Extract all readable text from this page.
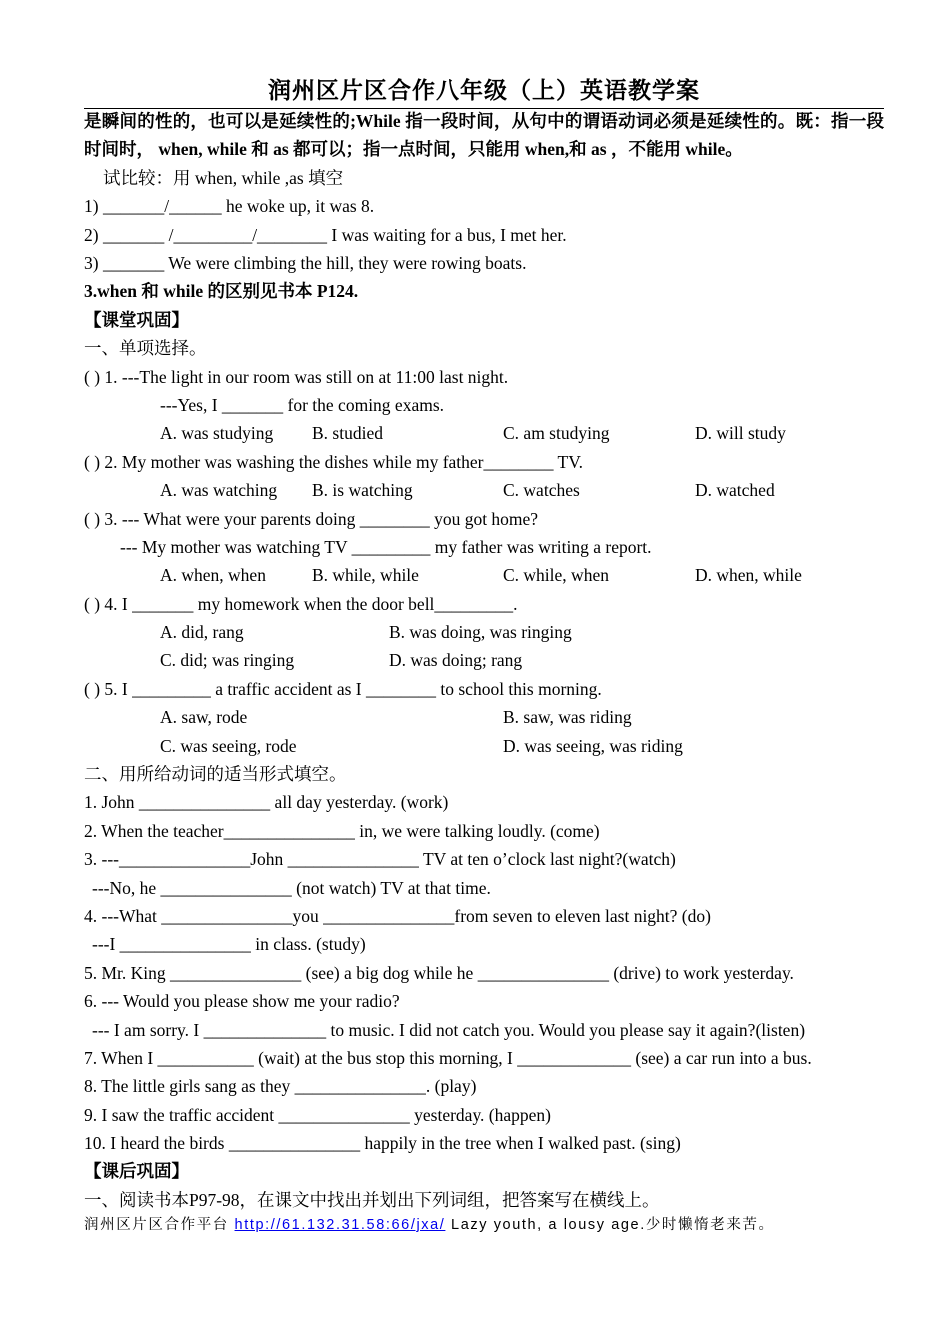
润州区片区合作八年级（上）英语教学案
是瞬间的性的，也可以是延续性的;While 指一段时间，从句中的谓语动词必须是延续性的。既：指一段时间时， when, while 和 as 都可以；指一点时间，只能用 when,和 as ，不能用 while。
试比较：用 when, while ,as 填空
1) _______/______ he woke up, it was 8.
2) _______ /_________/________ I was waiting for a bus, I met her.
3) _______ We were climbing the hill, they were rowing boats.
3.when 和 while 的区别见书本 P124.
【课堂巩固】
一、单项选择。
( ) 1. ---The light in our room was still on at 11:00 last night.
---Yes, I _______ for the coming exams.
A. was studying B. studied	C. am studying	D. will study
( ) 2. My mother was washing the dishes while my father________ TV.
A. was watching B. is watching	C. watches	D. watched
( ) 3. --- What were your parents doing ________ you got home?
--- My mother was watching TV _________ my father was writing a report.
A. when, when	B. while, while	C. while, when	D. when, while
( ) 4. I _______ my homework when the door bell_________.
A. did, rang	B. was doing, was ringing
C. did; was ringing	D. was doing; rang
( ) 5. I _________ a traffic accident as I ________ to school this morning.
A. saw, rode	B. saw, was riding
C. was seeing, rode	D. was seeing, was riding
二、用所给动词的适当形式填空。
1. John _______________ all day yesterday. (work)
2. When the teacher_______________ in, we were talking loudly. (come)
3. ---_______________John _______________ TV at ten o’clock last night?(watch)
---No, he _______________ (not watch) TV at that time.
4. ---What _______________you _______________from seven to eleven last night? (do)
---I _______________ in class. (study)
5. Mr. King _______________ (see) a big dog while he _______________ (drive) to work yesterday.
6. --- Would you please show me your radio?
--- I am sorry. I ______________ to music. I did not catch you. Would you please say it again?(listen)
7. When I ___________ (wait) at the bus stop this morning, I _____________ (see) a car run into a bus.
8. The little girls sang as they _______________. (play)
9. I saw the traffic accident _______________ yesterday. (happen)
10. I heard the birds _______________ happily in the tree when I walked past. (sing)
【课后巩固】
一、阅读书本P97-98，在课文中找出并划出下列词组，把答案写在横线上。
润州区片区合作平台 http://61.132.31.58:66/jxa/ Lazy youth, a lousy age.少时懒惰老来苦。
